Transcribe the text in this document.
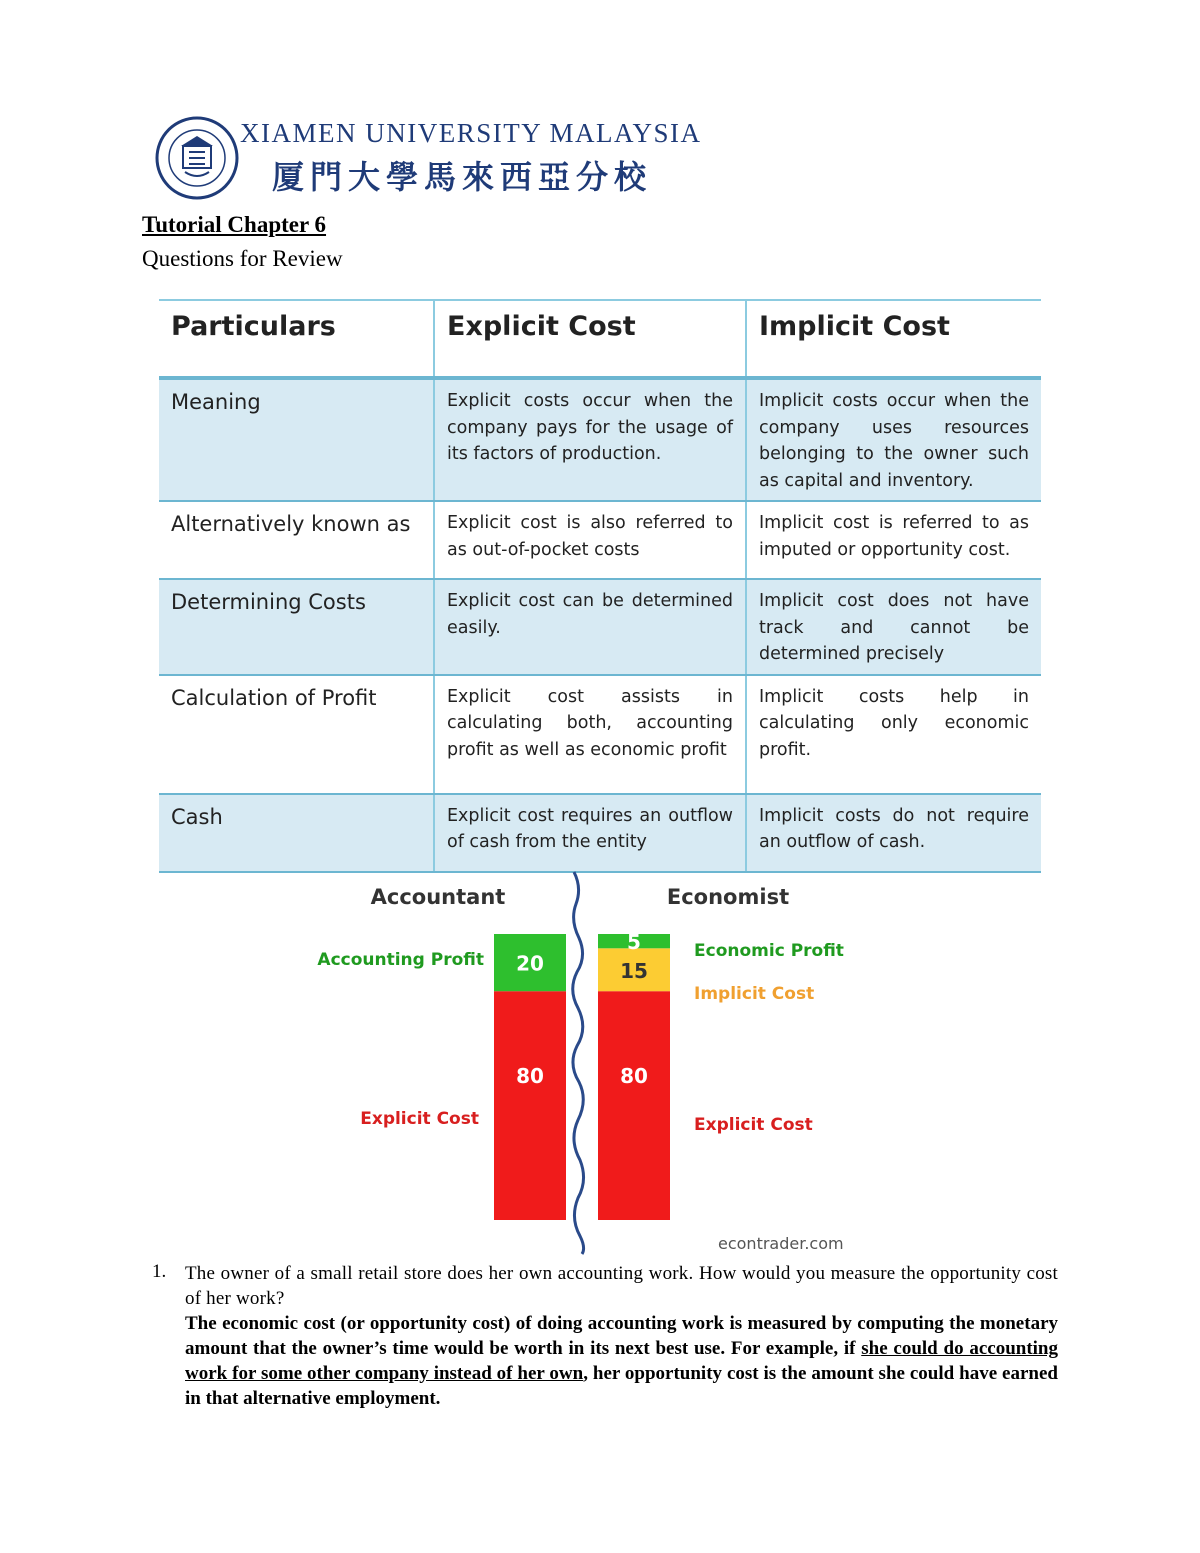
XIAMEN UNIVERSITY MALAYSIA
厦門大學馬來西亞分校
Tutorial Chapter 6
Questions for Review
Particulars	Explicit Cost	Implicit Cost
Meaning	Explicit costs occur when the company pays for the usage of its factors of production.	Implicit costs occur when the company uses resources belonging to the owner such as capital and inventory.
Alternatively known as	Explicit cost is also referred to as out-of-pocket costs	Implicit cost is referred to as imputed or opportunity cost.
Determining Costs	Explicit cost can be determined easily.	Implicit cost does not have track and cannot be determined precisely
Calculation of Profit	Explicit cost assists in calculating both, accounting profit as well as economic profit	Implicit costs help in calculating only economic profit.
Cash	Explicit cost requires an outflow of cash from the entity	Implicit costs do not require an outflow of cash.
Accountant	Economist
80
20
80
15
5
Accounting Profit
Explicit Cost
Economic Profit
Implicit Cost
Explicit Cost
econtrader.com
1. The owner of a small retail store does her own accounting work. How would you measure the opportunity cost of her work?
The economic cost (or opportunity cost) of doing accounting work is measured by computing the monetary amount that the owner’s time would be worth in its next best use. For example, if she could do accounting work for some other company instead of her own, her opportunity cost is the amount she could have earned in that alternative employment.
